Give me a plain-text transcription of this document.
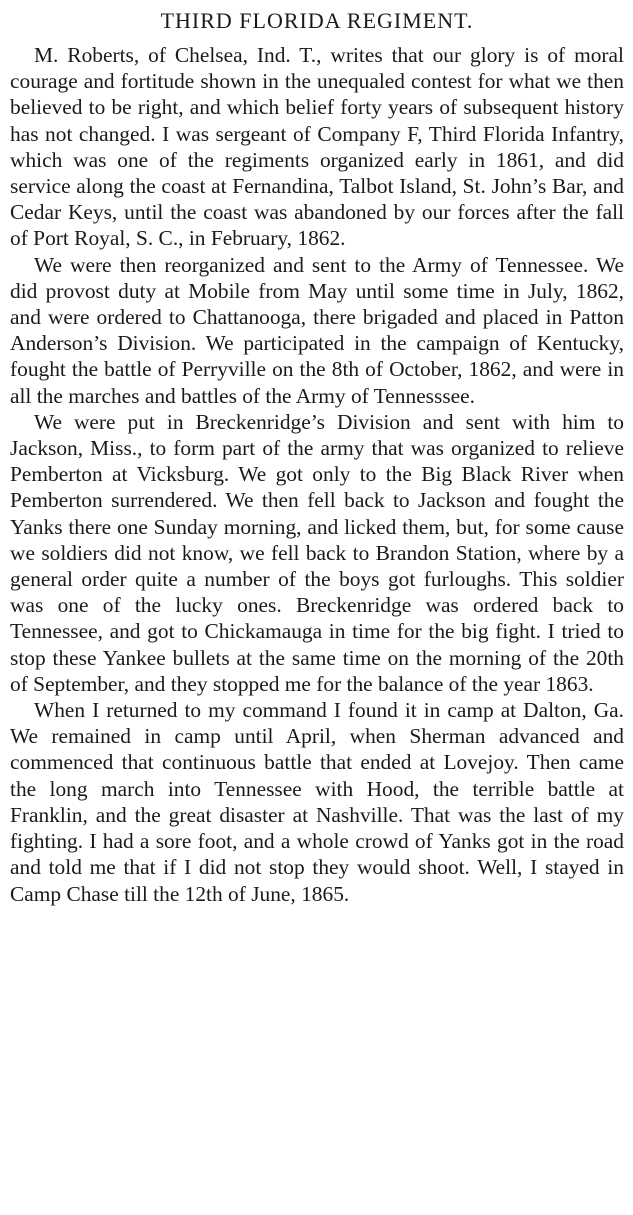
THIRD FLORIDA REGIMENT.

M. Roberts, of Chelsea, Ind. T., writes that our glory is of moral courage and fortitude shown in the unequaled contest for what we then believed to be right, and which belief forty years of subsequent history has not changed. I was sergeant of Company F, Third Florida Infantry, which was one of the regiments organized early in 1861, and did service along the coast at Fernandina, Talbot Island, St. John’s Bar, and Cedar Keys, until the coast was abandoned by our forces after the fall of Port Royal, S. C., in February, 1862.

We were then reorganized and sent to the Army of Tennessee. We did provost duty at Mobile from May until some time in July, 1862, and were ordered to Chattanooga, there brigaded and placed in Patton Anderson’s Division. We participated in the campaign of Kentucky, fought the battle of Perryville on the 8th of October, 1862, and were in all the marches and battles of the Army of Tennesssee.

We were put in Breckenridge’s Division and sent with him to Jackson, Miss., to form part of the army that was organized to relieve Pemberton at Vicksburg. We got only to the Big Black River when Pemberton surrendered. We then fell back to Jackson and fought the Yanks there one Sunday morning, and licked them, but, for some cause we soldiers did not know, we fell back to Brandon Station, where by a general order quite a number of the boys got furloughs. This soldier was one of the lucky ones. Breckenridge was ordered back to Tennessee, and got to Chickamauga in time for the big fight. I tried to stop these Yankee bullets at the same time on the morning of the 20th of September, and they stopped me for the balance of the year 1863.

When I returned to my command I found it in camp at Dalton, Ga. We remained in camp until April, when Sherman advanced and commenced that continuous battle that ended at Lovejoy. Then came the long march into Tennessee with Hood, the terrible battle at Franklin, and the great disaster at Nashville. That was the last of my fighting. I had a sore foot, and a whole crowd of Yanks got in the road and told me that if I did not stop they would shoot. Well, I stayed in Camp Chase till the 12th of June, 1865.
